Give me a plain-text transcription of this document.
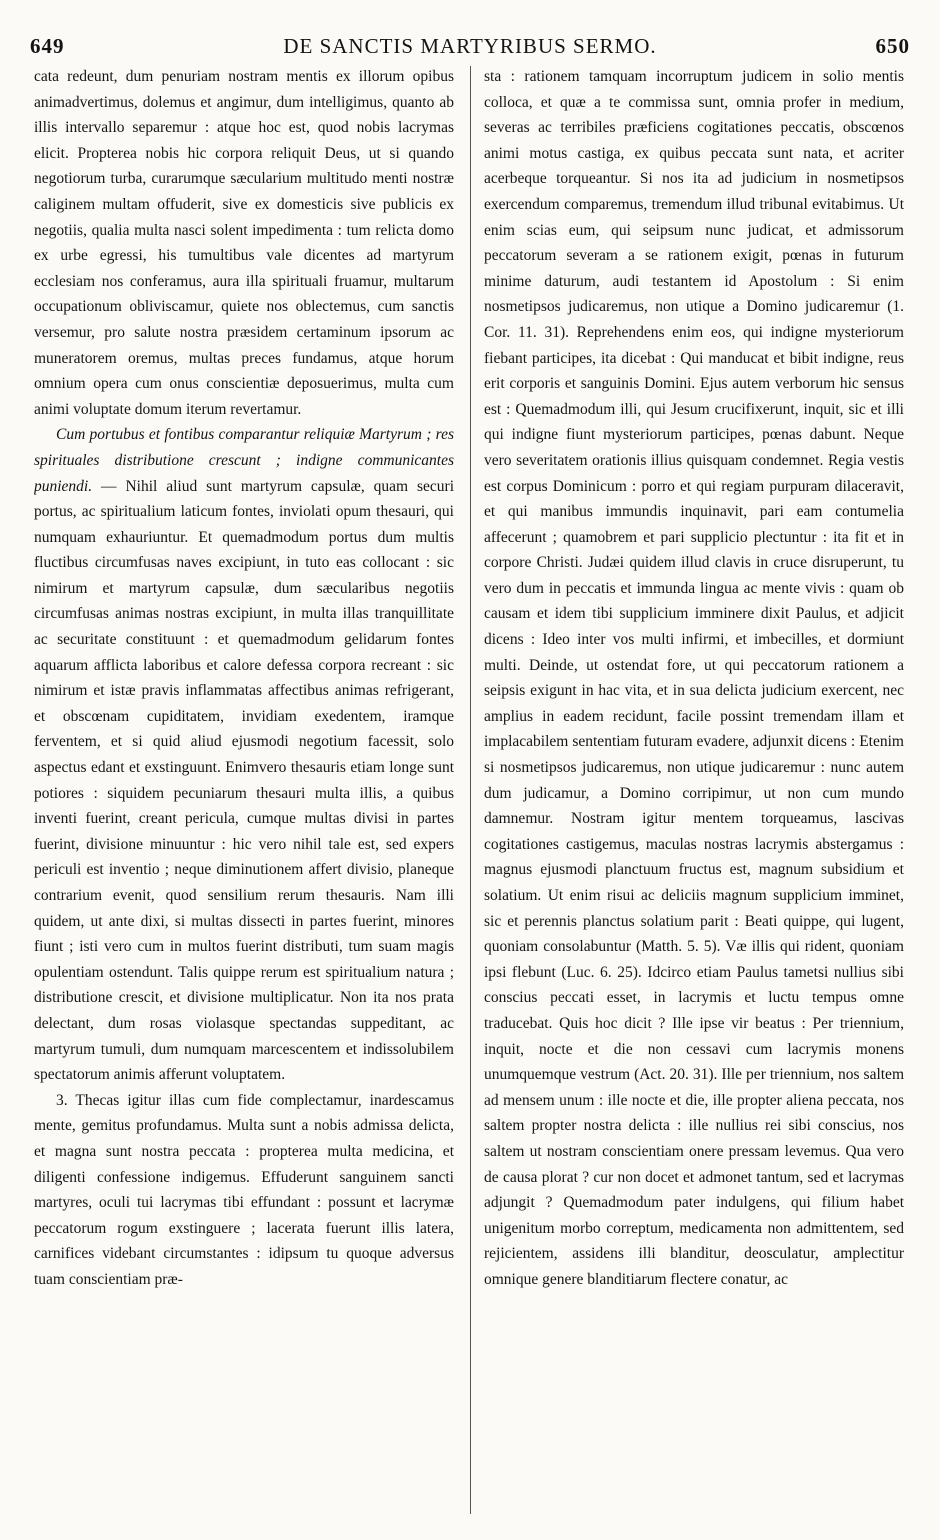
649	DE SANCTIS MARTYRIBUS SERMO.	650

cata redeunt, dum penuriam nostram mentis ex illorum opibus animadvertimus, dolemus et angimur, dum intelligimus, quanto ab illis intervallo separemur : atque hoc est, quod nobis lacrymas elicit. Propterea nobis hic corpora reliquit Deus, ut si quando negotiorum turba, curarumque sæcularium multitudo menti nostræ caliginem multam offuderit, sive ex domesticis sive publicis ex negotiis, qualia multa nasci solent impedimenta : tum relicta domo ex urbe egressi, his tumultibus vale dicentes ad martyrum ecclesiam nos conferamus, aura illa spirituali fruamur, multarum occupationum obliviscamur, quiete nos oblectemus, cum sanctis versemur, pro salute nostra præsidem certaminum ipsorum ac muneratorem oremus, multas preces fundamus, atque horum omnium opera cum onus conscientiæ deposuerimus, multa cum animi voluptate domum iterum revertamur.

Cum portubus et fontibus comparantur reliquiæ Martyrum ; res spirituales distributione crescunt ; indigne communicantes puniendi. — Nihil aliud sunt martyrum capsulæ, quam securi portus, ac spiritualium laticum fontes, inviolati opum thesauri, qui numquam exhauriuntur. Et quemadmodum portus dum multis fluctibus circumfusas naves excipiunt, in tuto eas collocant : sic nimirum et martyrum capsulæ, dum sæcularibus negotiis circumfusas animas nostras excipiunt, in multa illas tranquillitate ac securitate constituunt : et quemadmodum gelidarum fontes aquarum afflicta laboribus et calore defessa corpora recreant : sic nimirum et istæ pravis inflammatas affectibus animas refrigerant, et obscœnam cupiditatem, invidiam exedentem, iramque ferventem, et si quid aliud ejusmodi negotium facessit, solo aspectus edant et exstinguunt. Enimvero thesauris etiam longe sunt potiores : siquidem pecuniarum thesauri multa illis, a quibus inventi fuerint, creant pericula, cumque multas divisi in partes fuerint, divisione minuuntur : hic vero nihil tale est, sed expers periculi est inventio ; neque diminutionem affert divisio, planeque contrarium evenit, quod sensilium rerum thesauris. Nam illi quidem, ut ante dixi, si multas dissecti in partes fuerint, minores fiunt ; isti vero cum in multos fuerint distributi, tum suam magis opulentiam ostendunt. Talis quippe rerum est spiritualium natura ; distributione crescit, et divisione multiplicatur. Non ita nos prata delectant, dum rosas violasque spectandas suppeditant, ac martyrum tumuli, dum numquam marcescentem et indissolubilem spectatorum animis afferunt voluptatem.

3. Thecas igitur illas cum fide complectamur, inardescamus mente, gemitus profundamus. Multa sunt a nobis admissa delicta, et magna sunt nostra peccata : propterea multa medicina, et diligenti confessione indigemus. Effuderunt sanguinem sancti martyres, oculi tui lacrymas tibi effundant : possunt et lacrymæ peccatorum rogum exstinguere ; lacerata fuerunt illis latera, carnifices videbant circumstantes : idipsum tu quoque adversus tuam conscientiam præ-

sta : rationem tamquam incorruptum judicem in solio mentis colloca, et quæ a te commissa sunt, omnia profer in medium, severas ac terribiles præficiens cogitationes peccatis, obscœnos animi motus castiga, ex quibus peccata sunt nata, et acriter acerbeque torqueantur. Si nos ita ad judicium in nosmetipsos exercendum comparemus, tremendum illud tribunal evitabimus. Ut enim scias eum, qui seipsum nunc judicat, et admissorum peccatorum severam a se rationem exigit, pœnas in futurum minime daturum, audi testantem id Apostolum : Si enim nosmetipsos judicaremus, non utique a Domino judicaremur (1. Cor. 11. 31). Reprehendens enim eos, qui indigne mysteriorum fiebant participes, ita dicebat : Qui manducat et bibit indigne, reus erit corporis et sanguinis Domini. Ejus autem verborum hic sensus est : Quemadmodum illi, qui Jesum crucifixerunt, inquit, sic et illi qui indigne fiunt mysteriorum participes, pœnas dabunt. Neque vero severitatem orationis illius quisquam condemnet. Regia vestis est corpus Dominicum : porro et qui regiam purpuram dilaceravit, et qui manibus immundis inquinavit, pari eam contumelia affecerunt ; quamobrem et pari supplicio plectuntur : ita fit et in corpore Christi. Judæi quidem illud clavis in cruce disruperunt, tu vero dum in peccatis et immunda lingua ac mente vivis : quam ob causam et idem tibi supplicium imminere dixit Paulus, et adjicit dicens : Ideo inter vos multi infirmi, et imbecilles, et dormiunt multi. Deinde, ut ostendat fore, ut qui peccatorum rationem a seipsis exigunt in hac vita, et in sua delicta judicium exercent, nec amplius in eadem recidunt, facile possint tremendam illam et implacabilem sententiam futuram evadere, adjunxit dicens : Etenim si nosmetipsos judicaremus, non utique judicaremur : nunc autem dum judicamur, a Domino corripimur, ut non cum mundo damnemur. Nostram igitur mentem torqueamus, lascivas cogitationes castigemus, maculas nostras lacrymis abstergamus : magnus ejusmodi planctuum fructus est, magnum subsidium et solatium. Ut enim risui ac deliciis magnum supplicium imminet, sic et perennis planctus solatium parit : Beati quippe, qui lugent, quoniam consolabuntur (Matth. 5. 5). Væ illis qui rident, quoniam ipsi flebunt (Luc. 6. 25). Idcirco etiam Paulus tametsi nullius sibi conscius peccati esset, in lacrymis et luctu tempus omne traducebat. Quis hoc dicit ? Ille ipse vir beatus : Per triennium, inquit, nocte et die non cessavi cum lacrymis monens unumquemque vestrum (Act. 20. 31). Ille per triennium, nos saltem ad mensem unum : ille nocte et die, ille propter aliena peccata, nos saltem propter nostra delicta : ille nullius rei sibi conscius, nos saltem ut nostram conscientiam onere pressam levemus. Qua vero de causa plorat ? cur non docet et admonet tantum, sed et lacrymas adjungit ? Quemadmodum pater indulgens, qui filium habet unigenitum morbo correptum, medicamenta non admittentem, sed rejicientem, assidens illi blanditur, deosculatur, amplectitur omnique genere blanditiarum flectere conatur, ac
